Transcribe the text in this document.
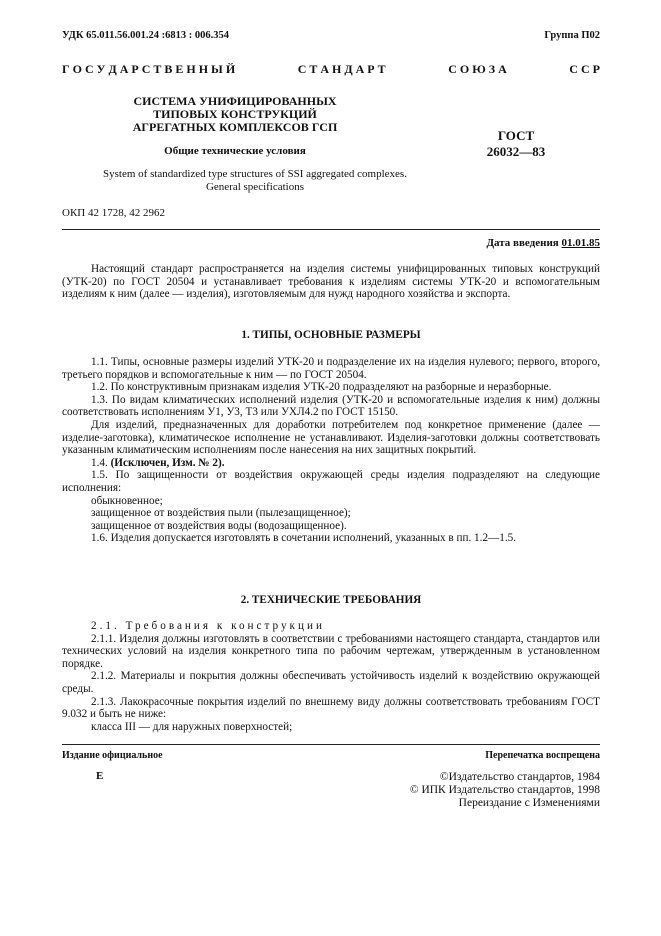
УДК 65.011.56.001.24 :6813 : 006.354	Группа П02
Г О С У Д А Р С Т В Е Н Н Ы Й	С Т А Н Д А Р Т	С О Ю З А	С С Р
СИСТЕМА УНИФИЦИРОВАННЫХ
ТИПОВЫХ КОНСТРУКЦИЙ
АГРЕГАТНЫХ КОМПЛЕКСОВ ГСП
ГОСТ
26032—83
Общие технические условия
System of standardized type structures of SSI aggregated complexes.
General specifications
ОКП 42 1728, 42 2962
Дата введения 01.01.85

Настоящий стандарт распространяется на изделия системы унифицированных типовых конструкций (УТК-20) по ГОСТ 20504 и устанавливает требования к изделиям системы УТК-20 и вспомогательным изделиям к ним (далее — изделия), изготовляемым для нужд народного хозяйства и экспорта.

1. ТИПЫ, ОСНОВНЫЕ РАЗМЕРЫ

1.1. Типы, основные размеры изделий УТК-20 и подразделение их на изделия нулевого; первого, второго, третьего порядков и вспомогательные к ним — по ГОСТ 20504.

1.2. По конструктивным признакам изделия УТК-20 подразделяют на разборные и неразборные.

1.3. По видам климатических исполнений изделия (УТК-20 и вспомогательные изделия к ним) должны соответствовать исполнениям У1, У3, Т3 или УХЛ4.2 по ГОСТ 15150.

Для изделий, предназначенных для доработки потребителем под конкретное применение (далее — изделие-заготовка), климатическое исполнение не устанавливают. Изделия-заготовки должны соответствовать указанным климатическим исполнениям после нанесения на них защитных покрытий.

1.4. (Исключен, Изм. № 2).

1.5. По защищенности от воздействия окружающей среды изделия подразделяют на следующие исполнения:

обыкновенное;

защищенное от воздействия пыли (пылезащищенное);

защищенное от воздействия воды (водозащищенное).

1.6. Изделия допускается изготовлять в сочетании исполнений, указанных в пп. 1.2—1.5.

2. ТЕХНИЧЕСКИЕ ТРЕБОВАНИЯ

2.1. Требования к конструкции

2.1.1. Изделия должны изготовлять в соответствии с требованиями настоящего стандарта, стандартов или технических условий на изделия конкретного типа по рабочим чертежам, утвержденным в установленном порядке.

2.1.2. Материалы и покрытия должны обеспечивать устойчивость изделий к воздействию окружающей среды.

2.1.3. Лакокрасочные покрытия изделий по внешнему виду должны соответствовать требованиям ГОСТ 9.032 и быть не ниже:

класса III — для наружных поверхностей;

Издание официальное	Перепечатка воспрещена
E	©Издательство стандартов, 1984
© ИПК Издательство стандартов, 1998
Переиздание с Изменениями
